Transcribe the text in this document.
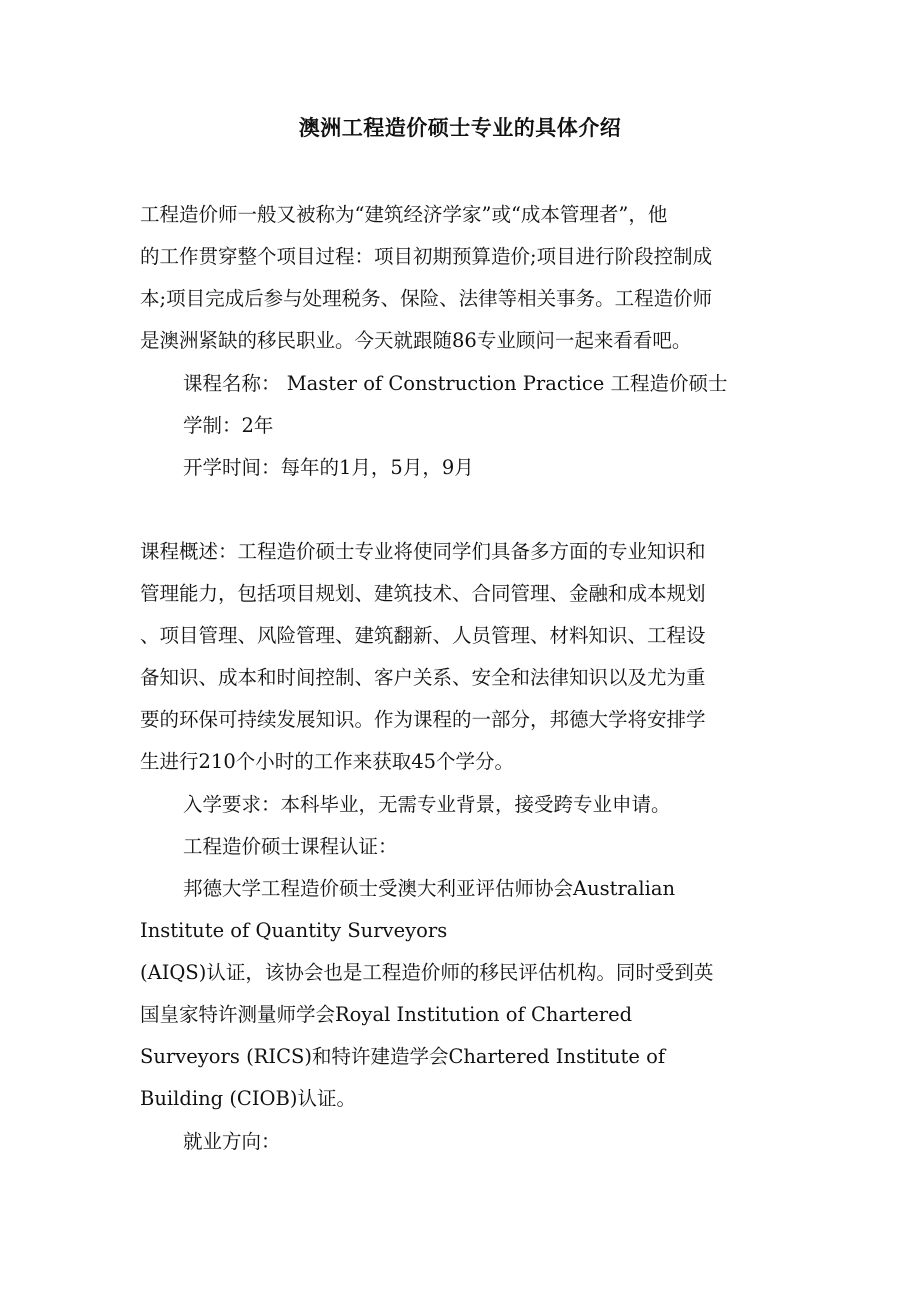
澳洲工程造价硕士专业的具体介绍
工程造价师一般又被称为“建筑经济学家”或“成本管理者”，他
的工作贯穿整个项目过程：项目初期预算造价;项目进行阶段控制成
本;项目完成后参与处理税务、保险、法律等相关事务。工程造价师
是澳洲紧缺的移民职业。今天就跟随86专业顾问一起来看看吧。
课程名称： Master of Construction Practice 工程造价硕士
学制：2年
开学时间：每年的1月，5月，9月
课程概述：工程造价硕士专业将使同学们具备多方面的专业知识和
管理能力，包括项目规划、建筑技术、合同管理、金融和成本规划
、项目管理、风险管理、建筑翻新、人员管理、材料知识、工程设
备知识、成本和时间控制、客户关系、安全和法律知识以及尤为重
要的环保可持续发展知识。作为课程的一部分，邦德大学将安排学
生进行210个小时的工作来获取45个学分。
入学要求：本科毕业，无需专业背景，接受跨专业申请。
工程造价硕士课程认证：
邦德大学工程造价硕士受澳大利亚评估师协会Australian
Institute of Quantity Surveyors
(AIQS)认证，该协会也是工程造价师的移民评估机构。同时受到英
国皇家特许测量师学会Royal Institution of Chartered
Surveyors (RICS)和特许建造学会Chartered Institute of
Building (CIOB)认证。
就业方向：
